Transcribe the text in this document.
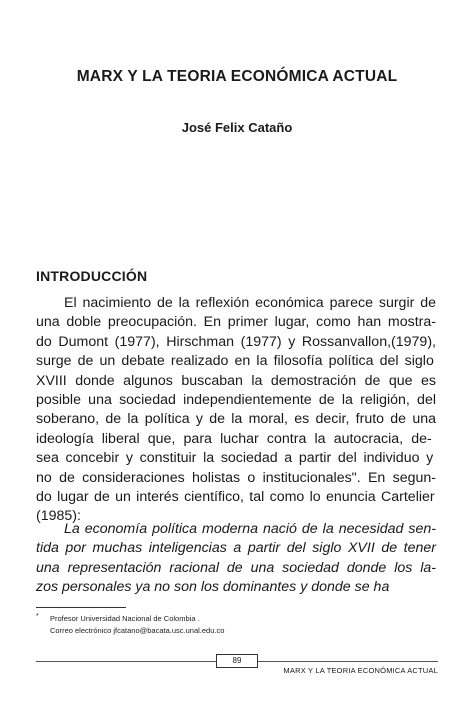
MARX Y LA TEORIA ECONÓMICA ACTUAL
José Felix Cataño
INTRODUCCIÓN
El nacimiento de la reflexión económica parece surgir de
una doble preocupación. En primer lugar, como han mostra-
do Dumont (1977), Hirschman (1977) y Rossanvallon,(1979),
surge de un debate realizado en la filosofía política del siglo
XVIII donde algunos buscaban la demostración de que es
posible una sociedad independientemente de la religión, del
soberano, de la política y de la moral, es decir, fruto de una
ideología liberal que, para luchar contra la autocracia, de-
sea concebir y constituir la sociedad a partir del individuo y
no de consideraciones holistas o institucionales". En segun-
do lugar de un interés científico, tal como lo enuncia Cartelier
(1985):
La economía política moderna nació de la necesidad sen-
tida por muchas inteligencias a partir del siglo XVII de tener
una representación racional de una sociedad donde los la-
zos personales ya no son los dominantes y donde se ha
*	Profesor Universidad Nacional de Colombia .
Correo electrónico jfcatano@bacata.usc.unal.edu.co
89
MARX Y LA TEORIA ECONÓMICA ACTUAL
